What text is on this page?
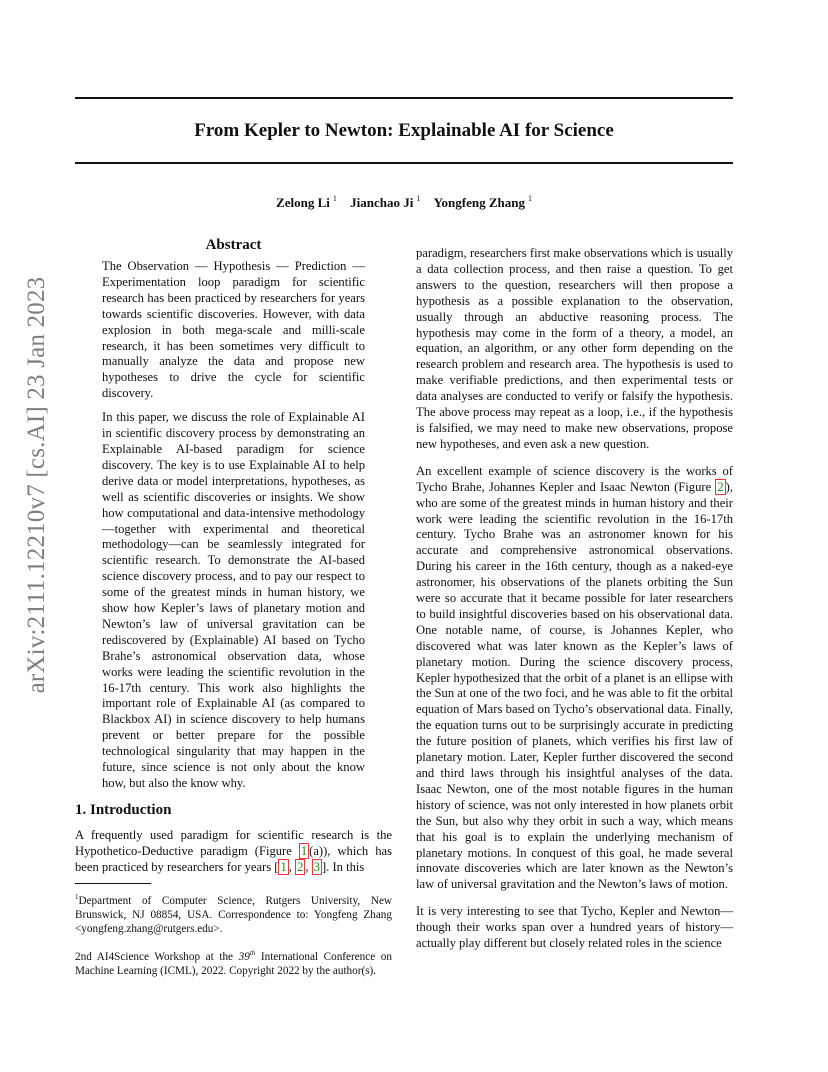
From Kepler to Newton: Explainable AI for Science
Zelong Li $^1$ Jianchao Ji $^1$ Yongfeng Zhang $^1$
arXiv:2111.12210v7 [cs.AI] 23 Jan 2023
Abstract

The Observation — Hypothesis — Prediction — Experimentation loop paradigm for scientific research has been practiced by researchers for years towards scientific discoveries. However, with data explosion in both mega-scale and milli-scale research, it has been sometimes very difficult to manually analyze the data and propose new hypotheses to drive the cycle for scientific discovery.

In this paper, we discuss the role of Explainable AI in scientific discovery process by demonstrating an Explainable AI-based paradigm for science discovery. The key is to use Explainable AI to help derive data or model interpretations, hypotheses, as well as scientific discoveries or insights. We show how computational and data-intensive methodology—together with experimental and theoretical methodology—can be seamlessly integrated for scientific research. To demonstrate the AI-based science discovery process, and to pay our respect to some of the greatest minds in human history, we show how Kepler’s laws of planetary motion and Newton’s law of universal gravitation can be rediscovered by (Explainable) AI based on Tycho Brahe’s astronomical observation data, whose works were leading the scientific revolution in the 16-17th century. This work also highlights the important role of Explainable AI (as compared to Blackbox AI) in science discovery to help humans prevent or better prepare for the possible technological singularity that may happen in the future, since science is not only about the know how, but also the know why.

1. Introduction

A frequently used paradigm for scientific research is the Hypothetico-Deductive paradigm (Figure 1 (a)), which has been practiced by researchers for years [ 1 , 2 , 3 ]. In this

$^1$Department of Computer Science, Rutgers University, New Brunswick, NJ 08854, USA. Correspondence to: Yongfeng Zhang <yongfeng.zhang@rutgers.edu>.

2nd AI4Science Workshop at the 39th International Conference on Machine Learning (ICML), 2022. Copyright 2022 by the author(s).

paradigm, researchers first make observations which is usually a data collection process, and then raise a question. To get answers to the question, researchers will then propose a hypothesis as a possible explanation to the observation, usually through an abductive reasoning process. The hypothesis may come in the form of a theory, a model, an equation, an algorithm, or any other form depending on the research problem and research area. The hypothesis is used to make verifiable predictions, and then experimental tests or data analyses are conducted to verify or falsify the hypothesis. The above process may repeat as a loop, i.e., if the hypothesis is falsified, we may need to make new observations, propose new hypotheses, and even ask a new question.

An excellent example of science discovery is the works of Tycho Brahe, Johannes Kepler and Isaac Newton (Figure 2 ), who are some of the greatest minds in human history and their work were leading the scientific revolution in the 16-17th century. Tycho Brahe was an astronomer known for his accurate and comprehensive astronomical observations. During his career in the 16th century, though as a naked-eye astronomer, his observations of the planets orbiting the Sun were so accurate that it became possible for later researchers to build insightful discoveries based on his observational data. One notable name, of course, is Johannes Kepler, who discovered what was later known as the Kepler’s laws of planetary motion. During the science discovery process, Kepler hypothesized that the orbit of a planet is an ellipse with the Sun at one of the two foci, and he was able to fit the orbital equation of Mars based on Tycho’s observational data. Finally, the equation turns out to be surprisingly accurate in predicting the future position of planets, which verifies his first law of planetary motion. Later, Kepler further discovered the second and third laws through his insightful analyses of the data. Isaac Newton, one of the most notable figures in the human history of science, was not only interested in how planets orbit the Sun, but also why they orbit in such a way, which means that his goal is to explain the underlying mechanism of planetary motions. In conquest of this goal, he made several innovate discoveries which are later known as the Newton’s law of universal gravitation and the Newton’s laws of motion.

It is very interesting to see that Tycho, Kepler and Newton—though their works span over a hundred years of history—actually play different but closely related roles in the science
